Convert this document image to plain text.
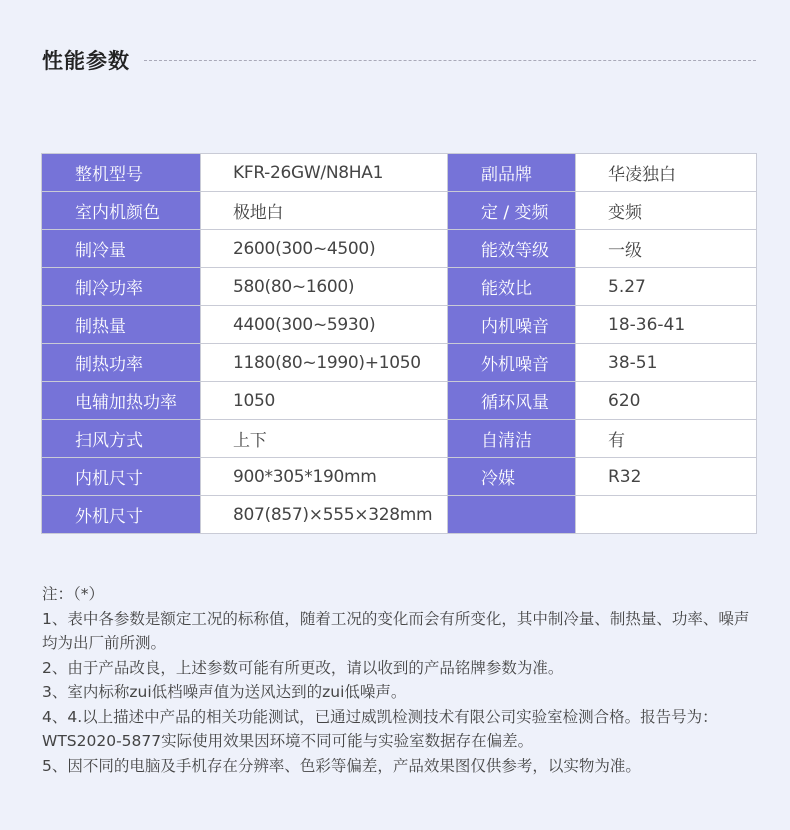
性能参数
整机型号	KFR-26GW/N8HA1	副品牌	华凌独白
室内机颜色	极地白	定 / 变频	变频
制冷量	2600(300~4500)	能效等级	一级
制冷功率	580(80~1600)	能效比	5.27
制热量	4400(300~5930)	内机噪音	18-36-41
制热功率	1180(80~1990)+1050	外机噪音	38-51
电辅加热功率	1050	循环风量	620
扫风方式	上下	自清洁	有
内机尺寸	900*305*190mm	冷媒	R32
外机尺寸	807(857)×555×328mm		

注：（*）

1、表中各参数是额定工况的标称值，随着工况的变化而会有所变化，其中制冷量、制热量、功率、噪声均为出厂前所测。

2、由于产品改良，上述参数可能有所更改，请以收到的产品铭牌参数为准。

3、室内标称zui低档噪声值为送风达到的zui低噪声。

4、4.以上描述中产品的相关功能测试，已通过威凯检测技术有限公司实验室检测合格。报告号为：WTS2020-5877实际使用效果因环境不同可能与实验室数据存在偏差。

5、因不同的电脑及手机存在分辨率、色彩等偏差，产品效果图仅供参考，以实物为准。
